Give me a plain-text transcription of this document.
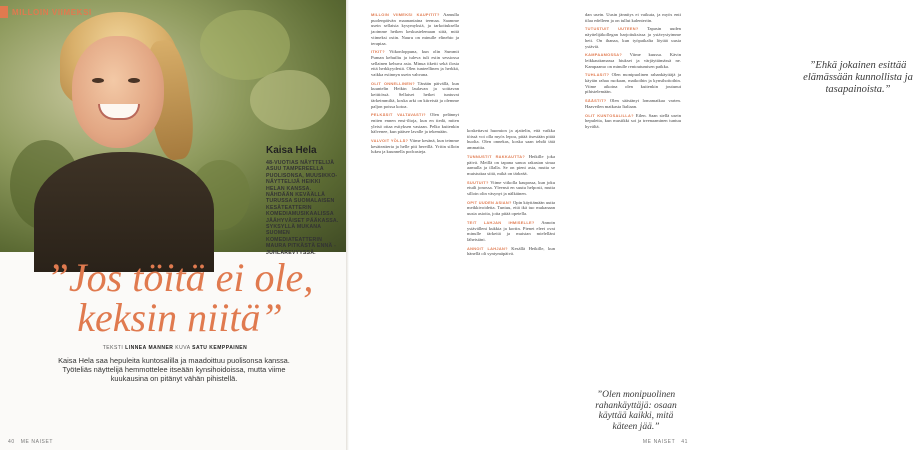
MILLOIN VIIMEKSI
Kaisa Hela
48-VUOTIAS NÄYTTELIJÄ ASUU TAMPEREELLA PUOLISONSA, MUUSIKKO-NÄYTTELIJÄ HEIKKI HELAN KANSSA. NÄHDÄÄN KEVÄÄLLÄ TURUSSA SUOMALAISEN KESÄTEATTERIN KOMEDIAMUSIKAALISSA JÄÄHYVÄISET PÄÄKASSA. SYKSYLLÄ MUKANA SUOMEN KOMEDIATEATTERIN MAURA PITKÄSTÄ ENNÄ -JUHLAREVYYSSÄ.
”Jos töitä ei ole, keksin niitä”
TEKSTI LINNEA MANNER KUVA SATU KEMPPAINEN
Kaisa Hela saa hepuleita kuntosalilla ja maadoittuu puolisonsa kanssa. Työteliäs näyttelijä hemmottelee itseään kynsihoidoissa, mutta viime kuukausina on pitänyt vähän pihistellä.
40 ME NAISET

MILLOIN VIIMEKSI KAUPITIT? Aamulla puolenpäivän maanantaina teemaa. Saamme usein sellaisia kysymyksiä, ja tarkoituksella jaoimme hetken keskustelemaan siitä, mitä viimeksi ostin. Nauru on minulle elinehto ja terapiaa.

ITKIT? Viikonloppuna, kun olin Summit Puman kehuiltu ja tuleva tuli esiin sessiossa sellainen kehuva asia. Minua itketti sekä ilosta että herkkyydestä. Olen tunteellinen ja herkkä, vaikka esiinnyn usein vahvana.

OLIT ONNELLINEN? Tänään päivällä, kun kuuntelin Heikin laulavan ja soittavan keittiössä. Sellaiset hetket tuntuvat tärkeimmiltä, koska arki on kiireistä ja olemme paljon poissa kotoa.

PELKÄSIT VALTAVASTI? Olen pelännyt eniten ennen ensi-iltoja, kun en tiedä, miten yleisö ottaa esityksen vastaan. Pelko kuitenkin hälvenee, kun pääsee lavalle ja tekemään.

VALVOIT YÖLLÄ? Viime kesänä, kun teimme kesäteatteria ja helle piti hereillä. Yritin silloin lukea ja kuunnella podcasteja.

”Ehkä jokainen esittää elämässään kunnollista ja tasapainoista.”

koskettavat huomion ja ajattelin, että vaikka töissä voi olla myös lepoa, pitää itsestään pitää huolta. Olen onnekas, koska saan tehdä tätä ammattia.

TUNNUSTIT RAKKAUTTA? Heikille joka päivä. Meillä on tapana sanoa rakastan sinua aamulla ja illalla. Se on pieni asia, mutta se muistuttaa siitä, mikä on tärkeää.

SUUTUIT? Viime viikolla kaupassa, kun joku etuili jonossa. Yleensä en suutu helposti, mutta silloin olin väsynyt ja nälkäinen.

OPIT UUDEN ASIAN? Opin käyttämään uutta meikkivoidetta. Tuntuu, että ikä tuo mukanaan uusia asioita, joita pitää opetella.

TEIT LAHJAN IHMISELLE? Annoin ystävälleni kukkia ja kortin. Pienet eleet ovat minulle tärkeitä ja muistan mielelläni läheisiäni.

ANNOIT LAHJAN? Kesällä Heikille, kun hänellä oli syntymäpäivä.

dan usein. Uusin jännitys ei vaikuta, ja myös enti tilaa edelleen ja on tullut kalenteriin.

TUTUSTUIT UUTEEN? Tapasin uuden näyttelijäkollegan harjoituksissa ja ystävystyimme heti. On ihanaa, kun työpaikalta löytää uusia ystäviä.

KAMPAAMOSSA? Viime kuussa. Kävin leikkauttamassa hiukset ja värjäyttämässä ne. Kampaamo on minulle rentoutumisen paikka.

TUHLASIT? Olen monipuolinen rahankäyttäjä ja käytän rahaa ruokaan, matkoihin ja kynsihoitoihin. Viime aikoina olen kuitenkin joutunut pihistelemään.

SÄÄSTIT? Olen säästänyt lomamatkaa varten. Haaveilen matkasta Italiaan.

OLIT KUNTOSALILLA? Eilen. Saan siellä usein hepuleita, kun musiikki soi ja treenaaminen tuntuu hyvältä.

ME NAISET 41
”Olen monipuolinen rahankäyttäjä: osaan käyttää kaikki, mitä käteen jää.”
